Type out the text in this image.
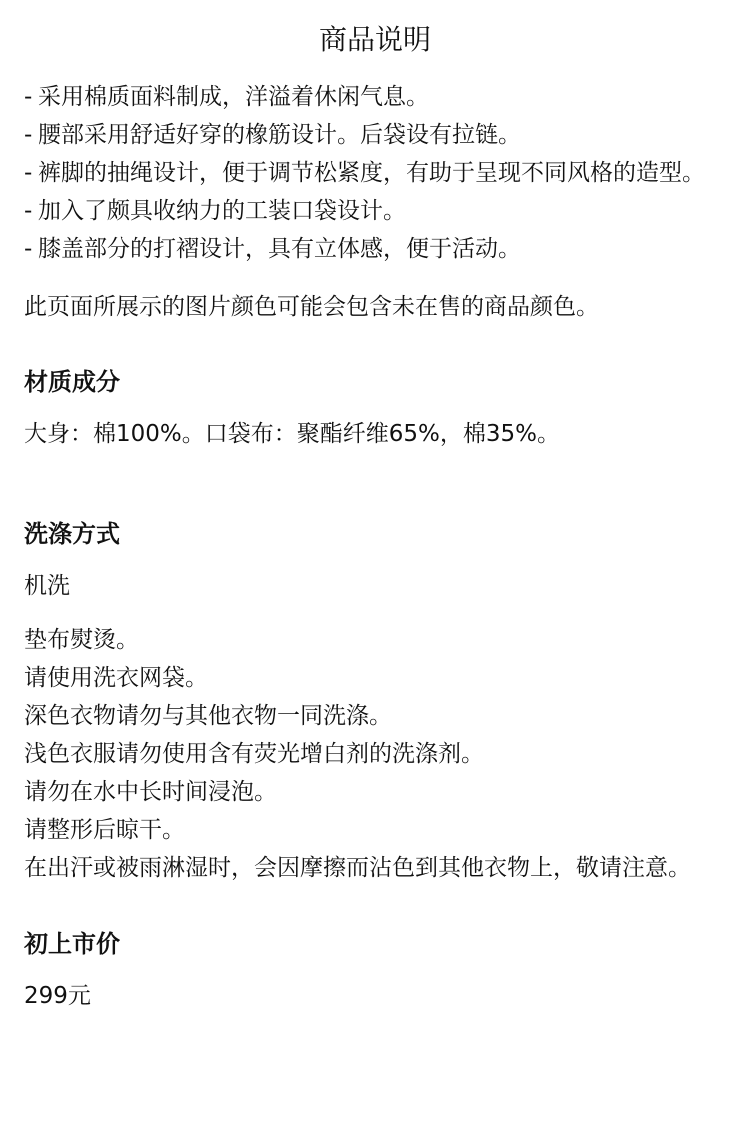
商品说明
- 采用棉质面料制成，洋溢着休闲气息。
- 腰部采用舒适好穿的橡筋设计。后袋设有拉链。
- 裤脚的抽绳设计，便于调节松紧度，有助于呈现不同风格的造型。
- 加入了颇具收纳力的工装口袋设计。
- 膝盖部分的打褶设计，具有立体感，便于活动。

此页面所展示的图片颜色可能会包含未在售的商品颜色。

材质成分

大身：棉100%。口袋布：聚酯纤维65%，棉35%。

洗涤方式

机洗

垫布熨烫。

请使用洗衣网袋。

深色衣物请勿与其他衣物一同洗涤。

浅色衣服请勿使用含有荧光增白剂的洗涤剂。

请勿在水中长时间浸泡。

请整形后晾干。

在出汗或被雨淋湿时，会因摩擦而沾色到其他衣物上，敬请注意。

初上市价

299元
